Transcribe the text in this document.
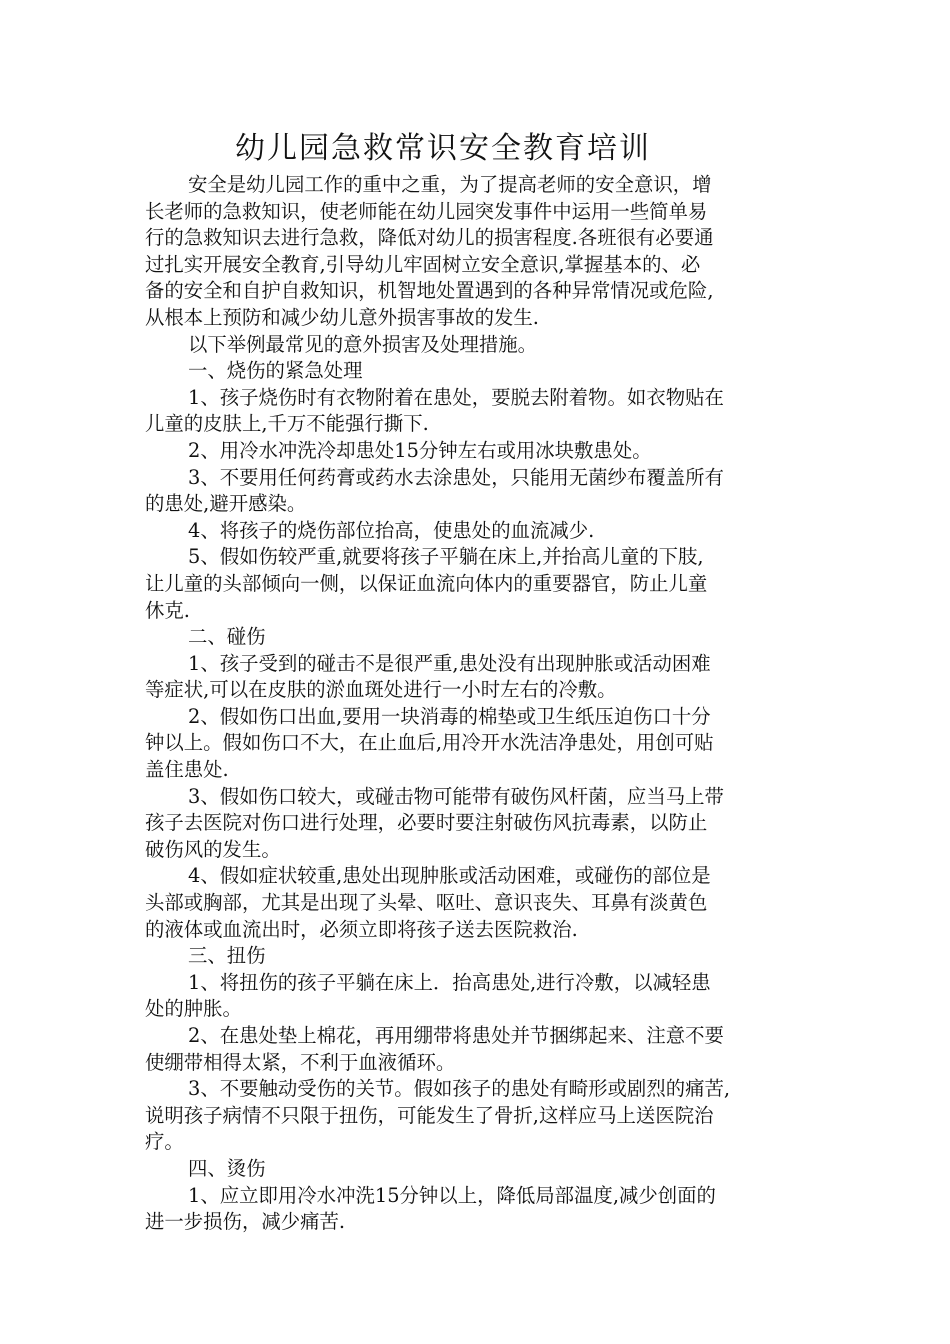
幼儿园急救常识安全教育培训
安全是幼儿园工作的重中之重，为了提高老师的安全意识，增
长老师的急救知识，使老师能在幼儿园突发事件中运用一些简单易
行的急救知识去进行急救，降低对幼儿的损害程度.各班很有必要通
过扎实开展安全教育,引导幼儿牢固树立安全意识,掌握基本的、必
备的安全和自护自救知识，机智地处置遇到的各种异常情况或危险,
从根本上预防和减少幼儿意外损害事故的发生.
以下举例最常见的意外损害及处理措施。
一、烧伤的紧急处理
1、孩子烧伤时有衣物附着在患处，要脱去附着物。如衣物贴在
儿童的皮肤上,千万不能强行撕下.
2、用冷水冲洗冷却患处15分钟左右或用冰块敷患处。
3、不要用任何药膏或药水去涂患处，只能用无菌纱布覆盖所有
的患处,避开感染。
4、将孩子的烧伤部位抬高，使患处的血流减少.
5、假如伤较严重,就要将孩子平躺在床上,并抬高儿童的下肢,
让儿童的头部倾向一侧，以保证血流向体内的重要器官，防止儿童
休克.
二、碰伤
1、孩子受到的碰击不是很严重,患处没有出现肿胀或活动困难
等症状,可以在皮肤的淤血斑处进行一小时左右的冷敷。
2、假如伤口出血,要用一块消毒的棉垫或卫生纸压迫伤口十分
钟以上。假如伤口不大，在止血后,用冷开水洗洁净患处，用创可贴
盖住患处.
3、假如伤口较大，或碰击物可能带有破伤风杆菌，应当马上带
孩子去医院对伤口进行处理，必要时要注射破伤风抗毒素，以防止
破伤风的发生。
4、假如症状较重,患处出现肿胀或活动困难，或碰伤的部位是
头部或胸部，尤其是出现了头晕、呕吐、意识丧失、耳鼻有淡黄色
的液体或血流出时，必须立即将孩子送去医院救治.
三、扭伤
1、将扭伤的孩子平躺在床上．抬高患处,进行冷敷，以减轻患
处的肿胀。
2、在患处垫上棉花，再用绷带将患处并节捆绑起来、注意不要
使绷带相得太紧，不利于血液循环。
3、不要触动受伤的关节。假如孩子的患处有畸形或剧烈的痛苦,
说明孩子病情不只限于扭伤，可能发生了骨折,这样应马上送医院治
疗。
四、烫伤
1、应立即用冷水冲洗15分钟以上，降低局部温度,减少创面的
进一步损伤，减少痛苦.
